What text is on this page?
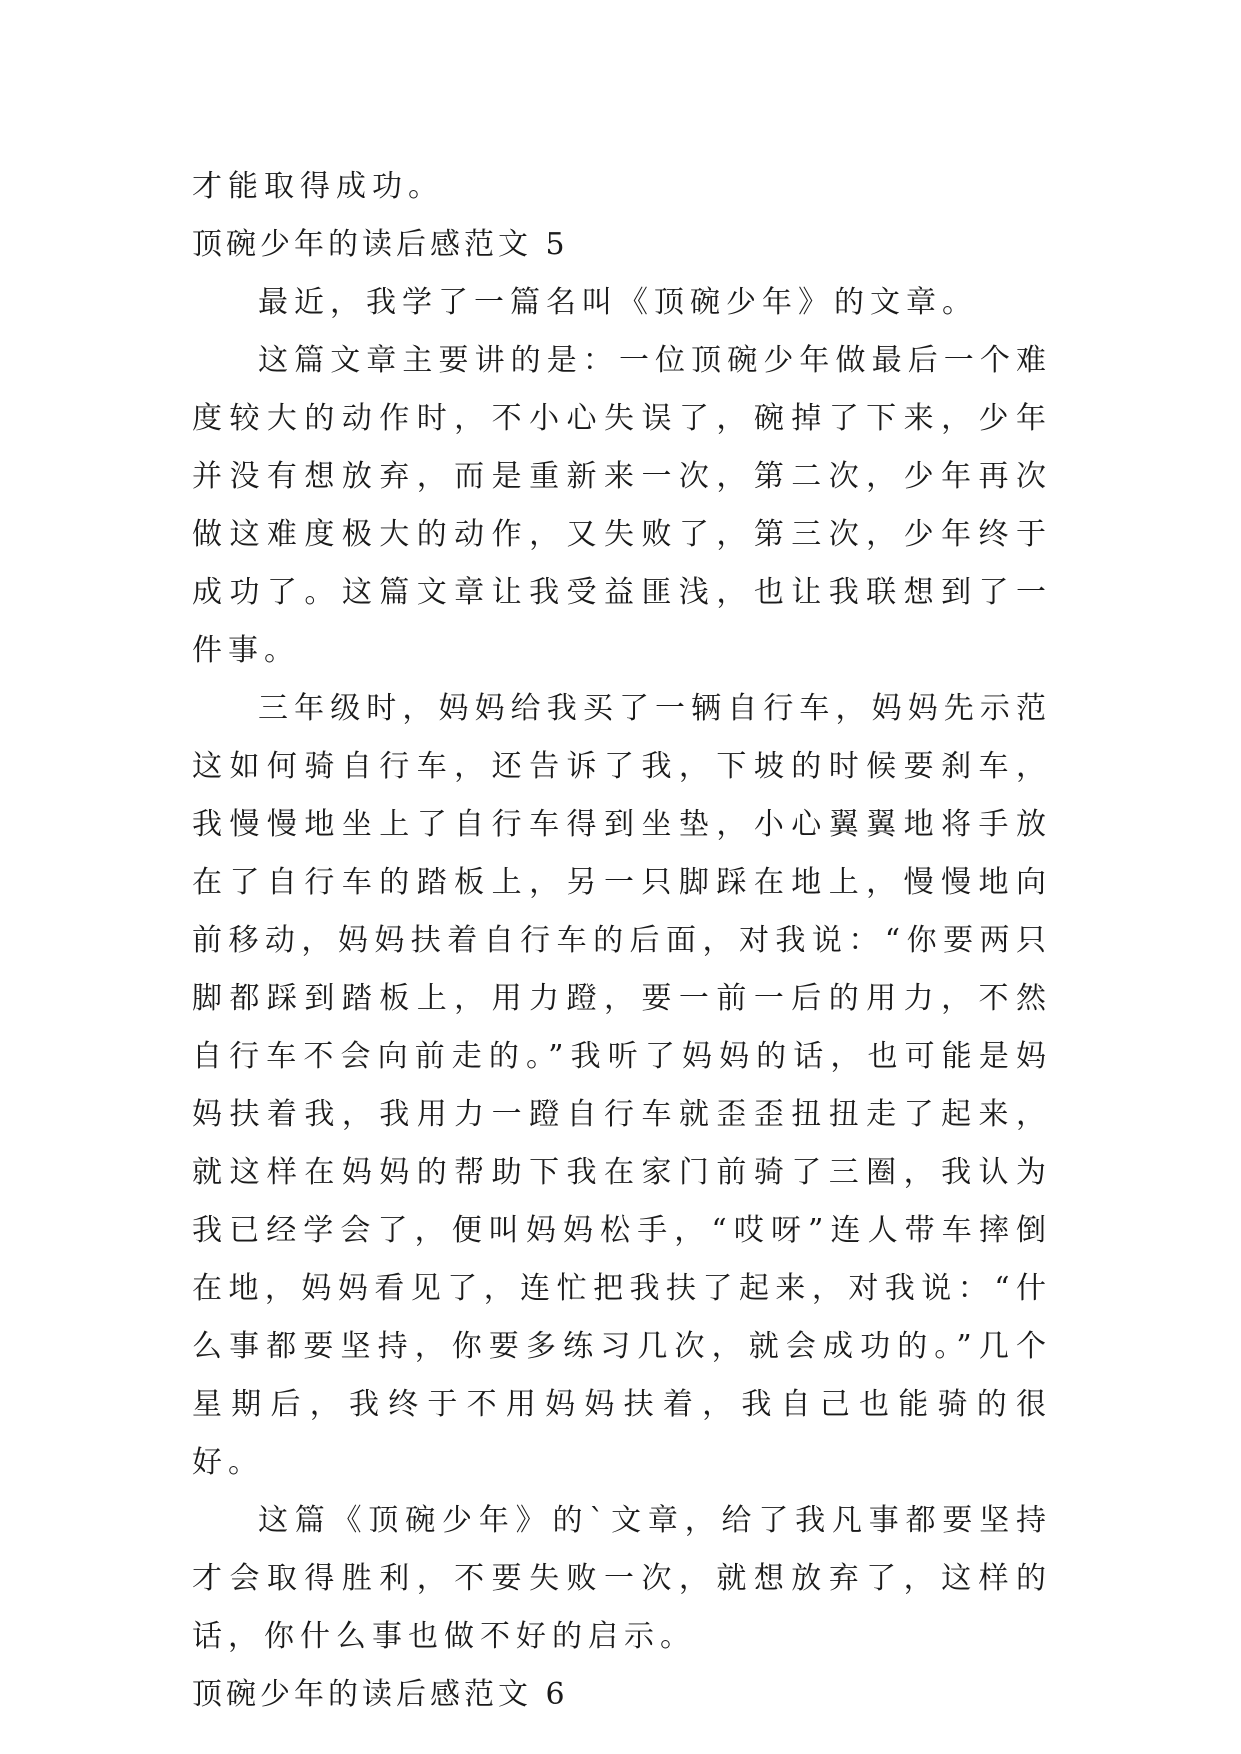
才能取得成功。

顶碗少年的读后感范文 5

最近，我学了一篇名叫《顶碗少年》的文章。

这篇文章主要讲的是：一位顶碗少年做最后一个难度较大的动作时，不小心失误了，碗掉了下来，少年并没有想放弃，而是重新来一次，第二次，少年再次做这难度极大的动作，又失败了，第三次，少年终于成功了。这篇文章让我受益匪浅，也让我联想到了一件事。

三年级时，妈妈给我买了一辆自行车，妈妈先示范这如何骑自行车，还告诉了我，下坡的时候要刹车，我慢慢地坐上了自行车得到坐垫，小心翼翼地将手放在了自行车的踏板上，另一只脚踩在地上，慢慢地向前移动，妈妈扶着自行车的后面，对我说：“你要两只脚都踩到踏板上，用力蹬，要一前一后的用力，不然自行车不会向前走的。”我听了妈妈的话，也可能是妈妈扶着我，我用力一蹬自行车就歪歪扭扭走了起来，就这样在妈妈的帮助下我在家门前骑了三圈，我认为我已经学会了，便叫妈妈松手，“哎呀”连人带车摔倒在地，妈妈看见了，连忙把我扶了起来，对我说：“什么事都要坚持，你要多练习几次，就会成功的。”几个星期后，我终于不用妈妈扶着，我自己也能骑的很好。

这篇《顶碗少年》的`文章，给了我凡事都要坚持才会取得胜利，不要失败一次，就想放弃了，这样的话，你什么事也做不好的启示。

顶碗少年的读后感范文 6
